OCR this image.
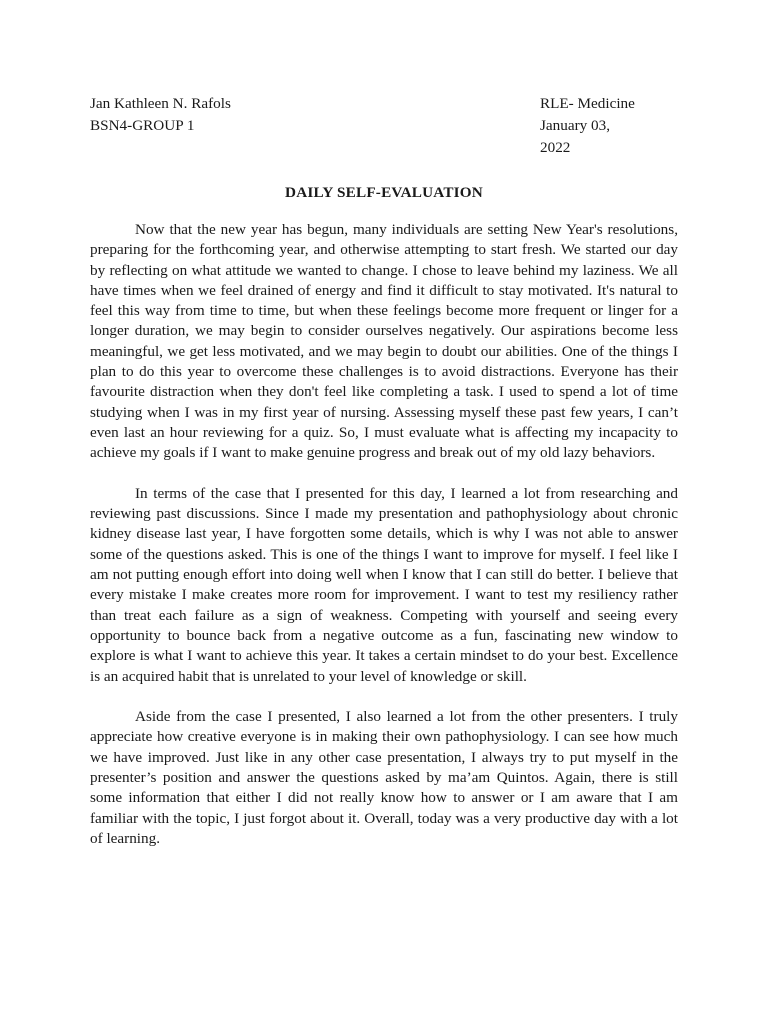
Jan Kathleen N. Rafols	RLE- Medicine
BSN4-GROUP 1	January 03, 2022
DAILY SELF-EVALUATION

Now that the new year has begun, many individuals are setting New Year's resolutions, preparing for the forthcoming year, and otherwise attempting to start fresh. We started our day by reflecting on what attitude we wanted to change. I chose to leave behind my laziness. We all have times when we feel drained of energy and find it difficult to stay motivated. It's natural to feel this way from time to time, but when these feelings become more frequent or linger for a longer duration, we may begin to consider ourselves negatively. Our aspirations become less meaningful, we get less motivated, and we may begin to doubt our abilities. One of the things I plan to do this year to overcome these challenges is to avoid distractions. Everyone has their favourite distraction when they don't feel like completing a task. I used to spend a lot of time studying when I was in my first year of nursing. Assessing myself these past few years, I can’t even last an hour reviewing for a quiz. So, I must evaluate what is affecting my incapacity to achieve my goals if I want to make genuine progress and break out of my old lazy behaviors.

In terms of the case that I presented for this day, I learned a lot from researching and reviewing past discussions. Since I made my presentation and pathophysiology about chronic kidney disease last year, I have forgotten some details, which is why I was not able to answer some of the questions asked. This is one of the things I want to improve for myself. I feel like I am not putting enough effort into doing well when I know that I can still do better. I believe that every mistake I make creates more room for improvement. I want to test my resiliency rather than treat each failure as a sign of weakness. Competing with yourself and seeing every opportunity to bounce back from a negative outcome as a fun, fascinating new window to explore is what I want to achieve this year. It takes a certain mindset to do your best. Excellence is an acquired habit that is unrelated to your level of knowledge or skill.

Aside from the case I presented, I also learned a lot from the other presenters. I truly appreciate how creative everyone is in making their own pathophysiology. I can see how much we have improved. Just like in any other case presentation, I always try to put myself in the presenter’s position and answer the questions asked by ma’am Quintos. Again, there is still some information that either I did not really know how to answer or I am aware that I am familiar with the topic, I just forgot about it. Overall, today was a very productive day with a lot of learning.
